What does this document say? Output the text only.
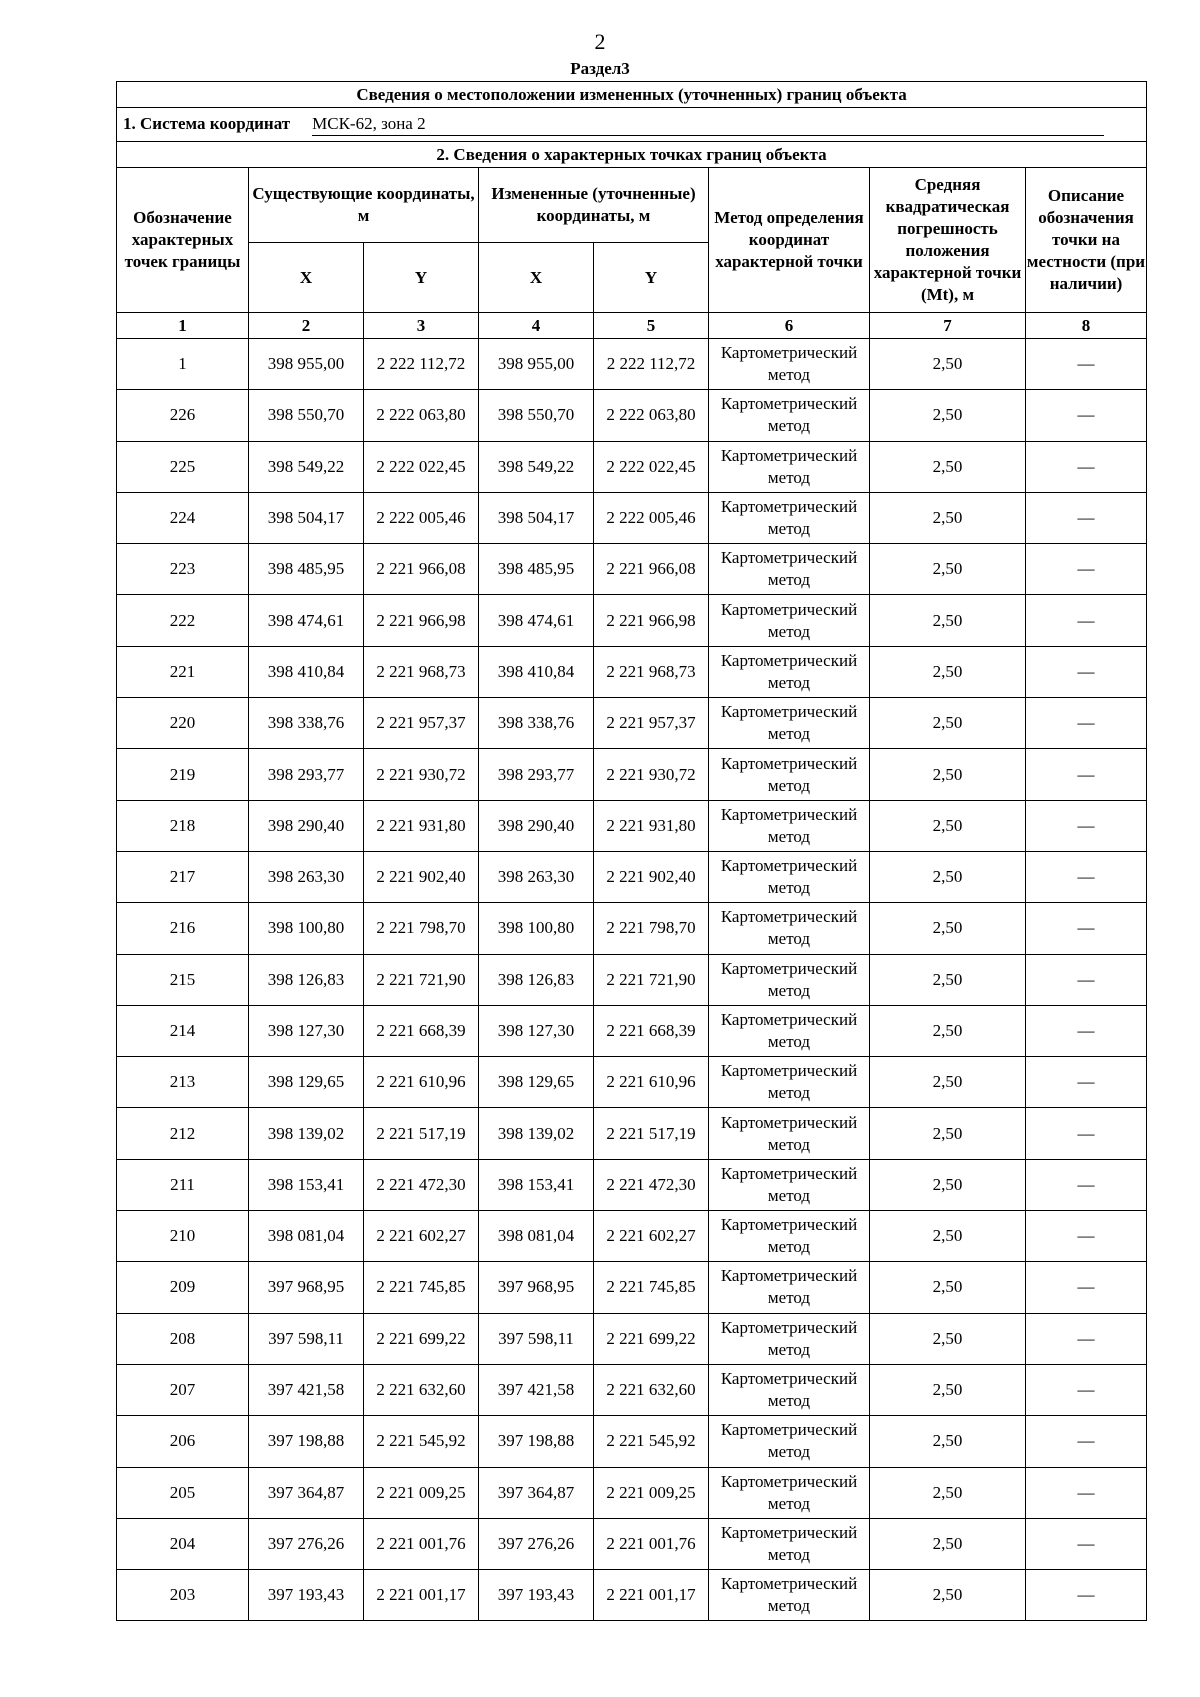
2
Раздел3
Сведения о местоположении измененных (уточненных) границ объекта							
1. Система координат МСК-62, зона 2							
2. Сведения о характерных точках границ объекта							
Обозначение характерных точек границы	Существующие координаты, м		Измененные (уточненные) координаты, м		Метод определения координат характерной точки	Средняя квадратическая погрешность положения характерной точки (Mt), м	Описание обозначения точки на местности (при наличии)
	X	Y	X	Y			
1	2	3	4	5	6	7	8
1	398 955,00	2 222 112,72	398 955,00	2 222 112,72	Картометрический метод	2,50	—
226	398 550,70	2 222 063,80	398 550,70	2 222 063,80	Картометрический метод	2,50	—
225	398 549,22	2 222 022,45	398 549,22	2 222 022,45	Картометрический метод	2,50	—
224	398 504,17	2 222 005,46	398 504,17	2 222 005,46	Картометрический метод	2,50	—
223	398 485,95	2 221 966,08	398 485,95	2 221 966,08	Картометрический метод	2,50	—
222	398 474,61	2 221 966,98	398 474,61	2 221 966,98	Картометрический метод	2,50	—
221	398 410,84	2 221 968,73	398 410,84	2 221 968,73	Картометрический метод	2,50	—
220	398 338,76	2 221 957,37	398 338,76	2 221 957,37	Картометрический метод	2,50	—
219	398 293,77	2 221 930,72	398 293,77	2 221 930,72	Картометрический метод	2,50	—
218	398 290,40	2 221 931,80	398 290,40	2 221 931,80	Картометрический метод	2,50	—
217	398 263,30	2 221 902,40	398 263,30	2 221 902,40	Картометрический метод	2,50	—
216	398 100,80	2 221 798,70	398 100,80	2 221 798,70	Картометрический метод	2,50	—
215	398 126,83	2 221 721,90	398 126,83	2 221 721,90	Картометрический метод	2,50	—
214	398 127,30	2 221 668,39	398 127,30	2 221 668,39	Картометрический метод	2,50	—
213	398 129,65	2 221 610,96	398 129,65	2 221 610,96	Картометрический метод	2,50	—
212	398 139,02	2 221 517,19	398 139,02	2 221 517,19	Картометрический метод	2,50	—
211	398 153,41	2 221 472,30	398 153,41	2 221 472,30	Картометрический метод	2,50	—
210	398 081,04	2 221 602,27	398 081,04	2 221 602,27	Картометрический метод	2,50	—
209	397 968,95	2 221 745,85	397 968,95	2 221 745,85	Картометрический метод	2,50	—
208	397 598,11	2 221 699,22	397 598,11	2 221 699,22	Картометрический метод	2,50	—
207	397 421,58	2 221 632,60	397 421,58	2 221 632,60	Картометрический метод	2,50	—
206	397 198,88	2 221 545,92	397 198,88	2 221 545,92	Картометрический метод	2,50	—
205	397 364,87	2 221 009,25	397 364,87	2 221 009,25	Картометрический метод	2,50	—
204	397 276,26	2 221 001,76	397 276,26	2 221 001,76	Картометрический метод	2,50	—
203	397 193,43	2 221 001,17	397 193,43	2 221 001,17	Картометрический метод	2,50	—
